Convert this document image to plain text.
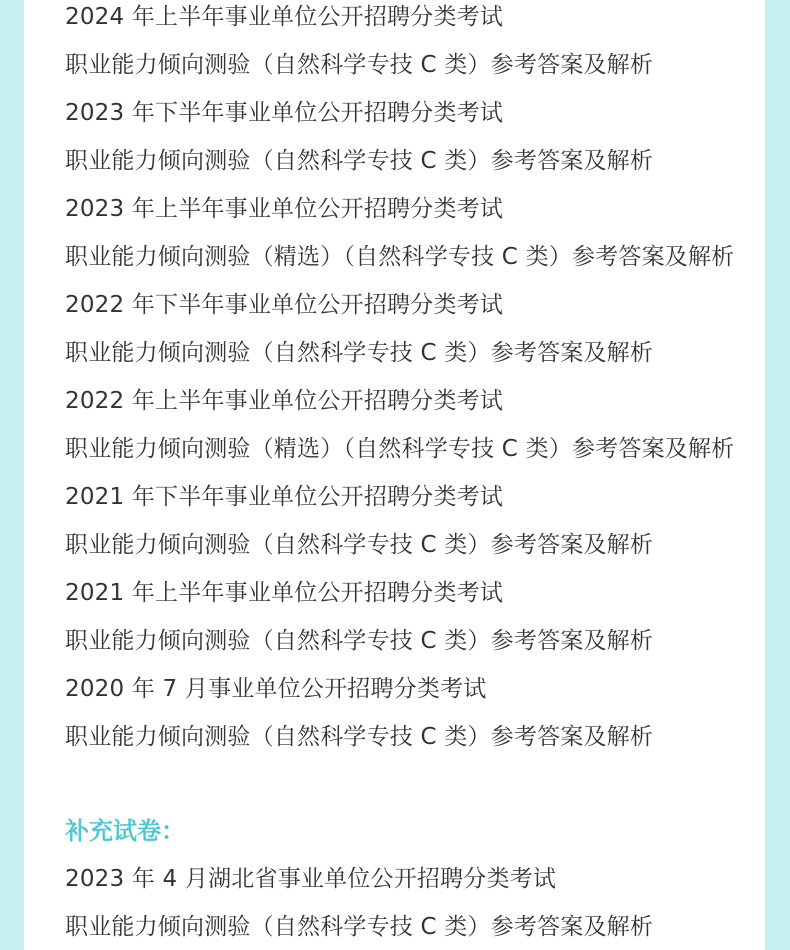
2024 年上半年事业单位公开招聘分类考试
职业能力倾向测验（自然科学专技 C 类）参考答案及解析
2023 年下半年事业单位公开招聘分类考试
职业能力倾向测验（自然科学专技 C 类）参考答案及解析
2023 年上半年事业单位公开招聘分类考试
职业能力倾向测验（精选）（自然科学专技 C 类）参考答案及解析
2022 年下半年事业单位公开招聘分类考试
职业能力倾向测验（自然科学专技 C 类）参考答案及解析
2022 年上半年事业单位公开招聘分类考试
职业能力倾向测验（精选）（自然科学专技 C 类）参考答案及解析
2021 年下半年事业单位公开招聘分类考试
职业能力倾向测验（自然科学专技 C 类）参考答案及解析
2021 年上半年事业单位公开招聘分类考试
职业能力倾向测验（自然科学专技 C 类）参考答案及解析
2020 年 7 月事业单位公开招聘分类考试
职业能力倾向测验（自然科学专技 C 类）参考答案及解析
补充试卷：
2023 年 4 月湖北省事业单位公开招聘分类考试
职业能力倾向测验（自然科学专技 C 类）参考答案及解析
